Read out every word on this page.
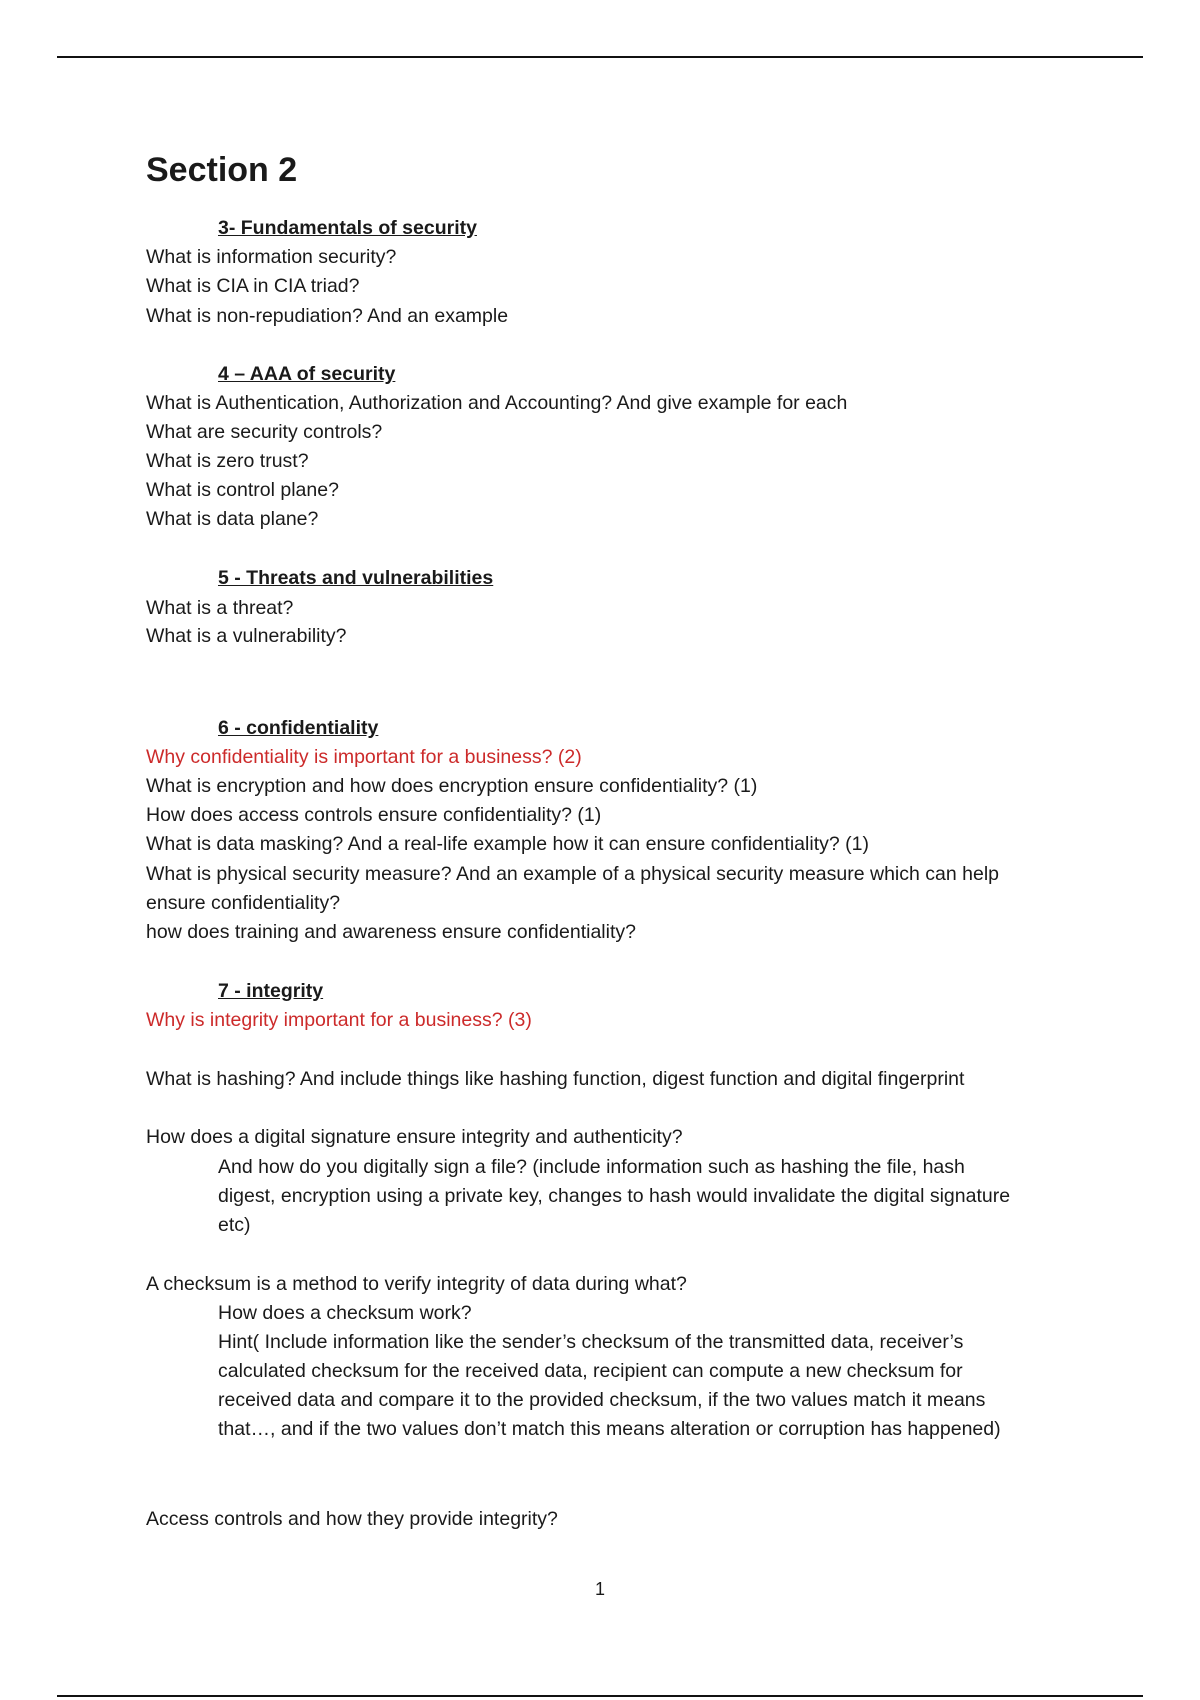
Section 2
3- Fundamentals of security
What is information security?
What is CIA in CIA triad?
What is non-repudiation? And an example
4 – AAA of security
What is Authentication, Authorization and Accounting? And give example for each
What are security controls?
What is zero trust?
What is control plane?
What is data plane?
5 - Threats and vulnerabilities
What is a threat?
What is a vulnerability?
6 - confidentiality
Why confidentiality is important for a business? (2)
What is encryption and how does encryption ensure confidentiality? (1)
How does access controls ensure confidentiality? (1)
What is data masking? And a real-life example how it can ensure confidentiality? (1)
What is physical security measure? And an example of a physical security measure which can help
ensure confidentiality?
how does training and awareness ensure confidentiality?
7 - integrity
Why is integrity important for a business? (3)
What is hashing? And include things like hashing function, digest function and digital fingerprint
How does a digital signature ensure integrity and authenticity?
And how do you digitally sign a file? (include information such as hashing the file, hash
digest, encryption using a private key, changes to hash would invalidate the digital signature
etc)
A checksum is a method to verify integrity of data during what?
How does a checksum work?
Hint( Include information like the sender’s checksum of the transmitted data, receiver’s
calculated checksum for the received data, recipient can compute a new checksum for
received data and compare it to the provided checksum, if the two values match it means
that…, and if the two values don’t match this means alteration or corruption has happened)
Access controls and how they provide integrity?
1
